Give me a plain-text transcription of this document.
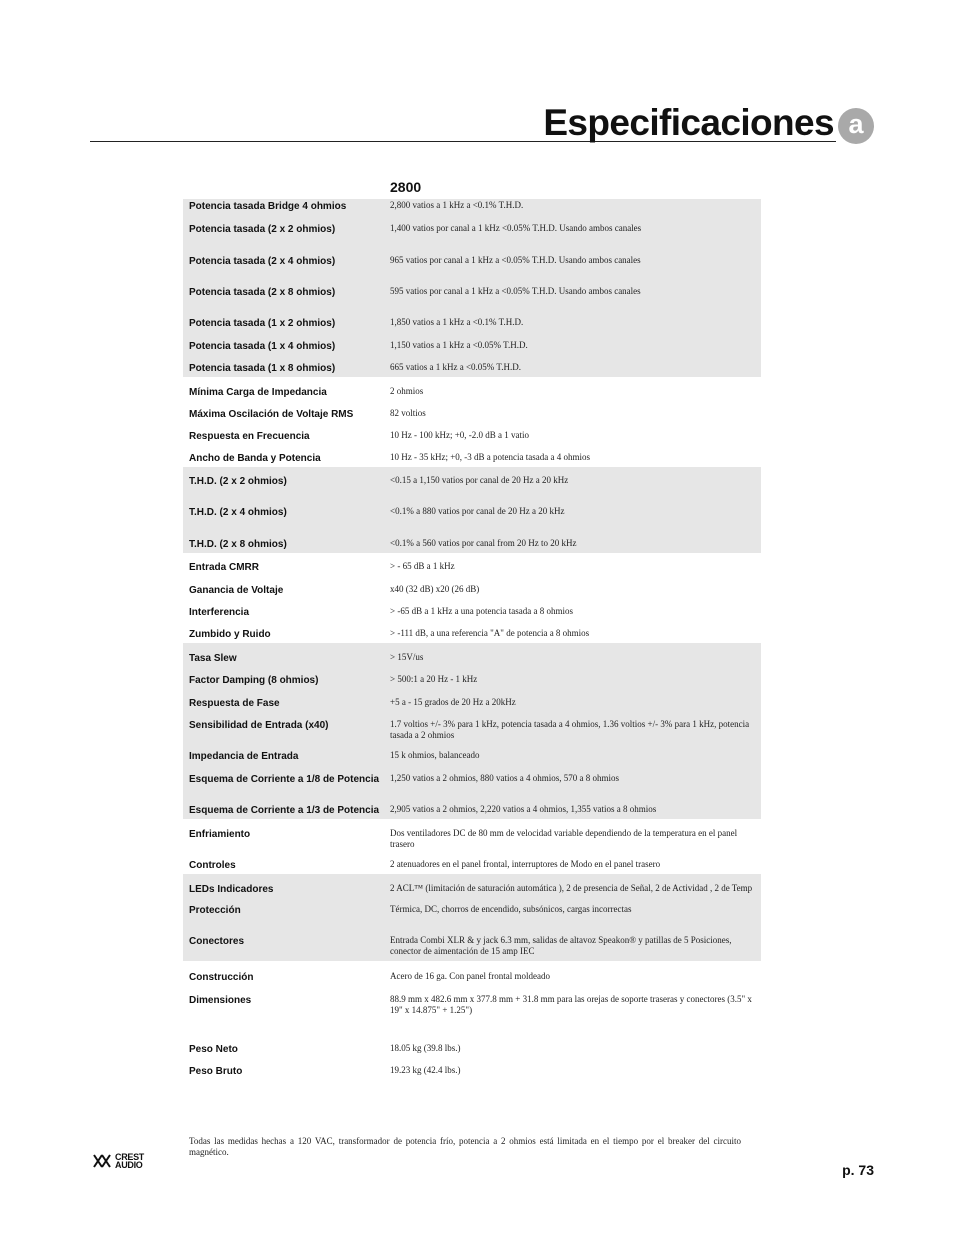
Especificaciones a
2800
Potencia tasada Bridge 4 ohmios	2,800 vatios a 1 kHz a <0.1% T.H.D.
Potencia tasada (2 x 2 ohmios)	1,400 vatios por canal a 1 kHz <0.05% T.H.D. Usando ambos canales
Potencia tasada (2 x 4 ohmios)	965 vatios por canal a 1 kHz a <0.05% T.H.D. Usando ambos canales
Potencia tasada (2 x 8 ohmios)	595 vatios por canal a 1 kHz a <0.05% T.H.D. Usando ambos canales
Potencia tasada (1 x 2 ohmios)	1,850 vatios a 1 kHz a <0.1% T.H.D.
Potencia tasada (1 x 4 ohmios)	1,150 vatios a 1 kHz a <0.05% T.H.D.
Potencia tasada (1 x 8 ohmios)	665 vatios a 1 kHz a <0.05% T.H.D.
Mínima Carga de Impedancia	2 ohmios
Máxima Oscilación de Voltaje RMS	82 voltios
Respuesta en Frecuencia	10 Hz - 100 kHz; +0, -2.0 dB a 1 vatio
Ancho de Banda y Potencia	10 Hz - 35 kHz; +0, -3 dB a potencia tasada a 4 ohmios
T.H.D. (2 x 2 ohmios)	<0.15 a 1,150 vatios por canal de 20 Hz a 20 kHz
T.H.D. (2 x 4 ohmios)	<0.1% a 880 vatios por canal de 20 Hz a 20 kHz
T.H.D. (2 x 8 ohmios)	<0.1% a 560 vatios por canal from 20 Hz to 20 kHz
Entrada CMRR	> - 65 dB a 1 kHz
Ganancia de Voltaje	x40 (32 dB) x20 (26 dB)
Interferencia	> -65 dB a 1 kHz a una potencia tasada a 8 ohmios
Zumbido y Ruido	> -111 dB, a una referencia "A" de potencia a 8 ohmios
Tasa Slew	> 15V/us
Factor Damping (8 ohmios)	> 500:1 a 20 Hz - 1 kHz
Respuesta de Fase	+5 a - 15 grados de 20 Hz a 20kHz
Sensibilidad de Entrada (x40)	1.7 voltios +/- 3% para 1 kHz, potencia tasada a 4 ohmios, 1.36 voltios +/- 3% para 1 kHz, potencia tasada a 2 ohmios
Impedancia de Entrada	15 k ohmios, balanceado
Esquema de Corriente a 1/8 de Potencia 1,250 vatios a 2 ohmios, 880 vatios a 4 ohmios, 570 a 8 ohmios
Esquema de Corriente a 1/3 de Potencia 2,905 vatios a 2 ohmios, 2,220 vatios a 4 ohmios, 1,355 vatios a 8 ohmios
Enfriamiento	Dos ventiladores DC de 80 mm de velocidad variable dependiendo de la temperatura en el panel trasero
Controles	2 atenuadores en el panel frontal, interruptores de Modo en el panel trasero
LEDs Indicadores	2 ACL™ (limitación de saturación automática ), 2 de presencia de Señal, 2 de Actividad , 2 de Temp
Protección	Térmica, DC, chorros de encendido, subsónicos, cargas incorrectas
Conectores	Entrada Combi XLR & y jack 6.3 mm, salidas de altavoz Speakon® y patillas de 5 Posiciones, conector de aimentación de 15 amp IEC
Construcción	Acero de 16 ga. Con panel frontal moldeado
Dimensiones	88.9 mm x 482.6 mm x 377.8 mm + 31.8 mm para las orejas de soporte traseras y conectores (3.5" x 19" x 14.875" + 1.25")
Peso Neto	18.05 kg (39.8 lbs.)
Peso Bruto	19.23 kg (42.4 lbs.)

Todas las medidas hechas a 120 VAC, transformador de potencia frío, potencia a 2 ohmios está limitada en el tiempo por el breaker del circuito magnético.

CREST
AUDIO	p. 73
